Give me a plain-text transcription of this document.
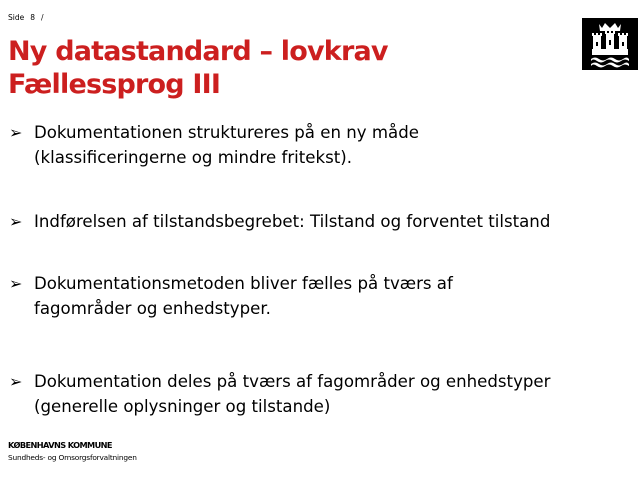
Side 8 /
Ny datastandard – lovkrav
Fællessprog III
➢ Dokumentationen struktureres på en ny måde
(klassificeringerne og mindre fritekst).
➢ Indførelsen af tilstandsbegrebet: Tilstand og forventet tilstand
➢ Dokumentationsmetoden bliver fælles på tværs af
fagområder og enhedstyper.
➢ Dokumentation deles på tværs af fagområder og enhedstyper
(generelle oplysninger og tilstande)
KØBENHAVNS KOMMUNE
Sundheds- og Omsorgsforvaltningen
